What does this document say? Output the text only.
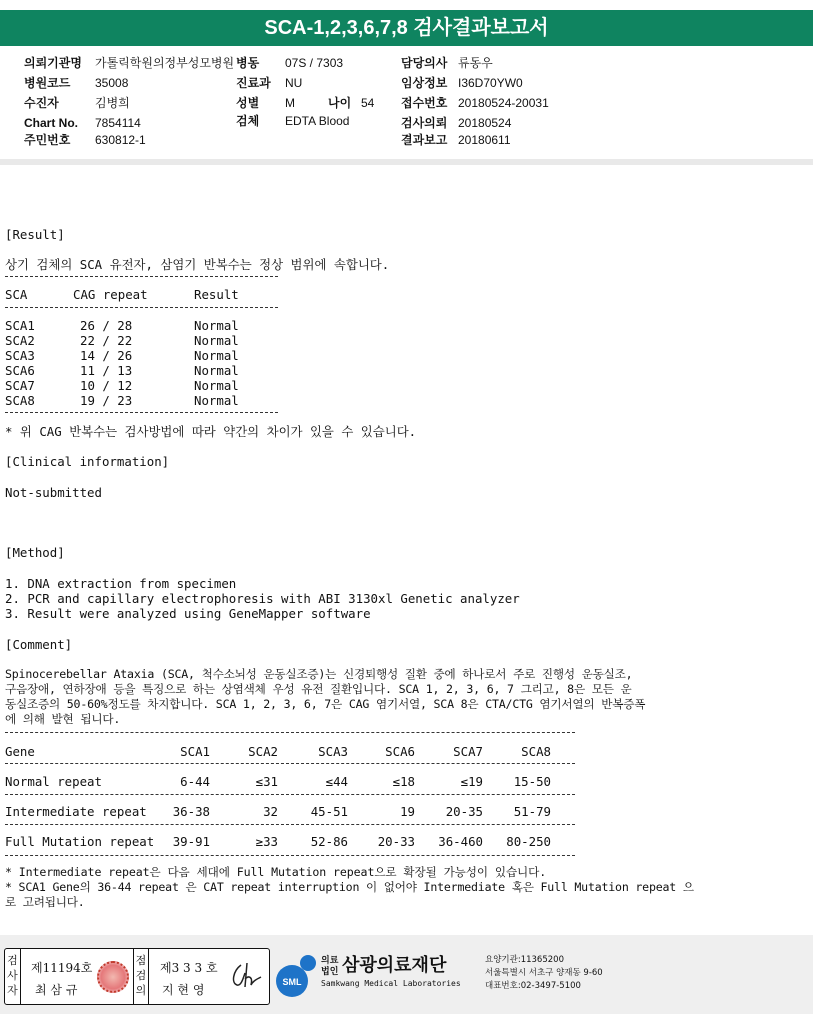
SCA-1,2,3,6,7,8 검사결과보고서
의뢰기관명 가톨릭학원의정부성모병원 병동 07S / 7303	담당의사 류동우
병원코드 35008	진료과 NU	임상정보 I36D70YW0
수진자	김병희	성별 M	나이 54 접수번호 20180524-20031
Chart No. 7854114	검체 EDTA Blood	검사의뢰 20180524
주민번호 630812-1	결과보고 20180611
[Result]
상기 검체의 SCA 유전자, 삼염기 반복수는 정상 범위에 속합니다.
SCA	CAG repeat	Result
SCA1	26 / 28	Normal
SCA2	22 / 22	Normal
SCA3	14 / 26	Normal
SCA6	11 / 13	Normal
SCA7	10 / 12	Normal
SCA8	19 / 23	Normal
* 위 CAG 반복수는 검사방법에 따라 약간의 차이가 있을 수 있습니다.
[Clinical information]
Not-submitted
[Method]
1. DNA extraction from specimen
2. PCR and capillary electrophoresis with ABI 3130xl Genetic analyzer
3. Result were analyzed using GeneMapper software
[Comment]
Spinocerebellar Ataxia (SCA, 척수소뇌성 운동실조증)는 신경퇴행성 질환 중에 하나로서 주로 진행성 운동실조,
구음장애, 연하장애 등을 특징으로 하는 상염색체 우성 유전 질환입니다. SCA 1, 2, 3, 6, 7 그리고, 8은 모든 운
동실조증의 50-60%정도를 차지합니다. SCA 1, 2, 3, 6, 7은 CAG 염기서열, SCA 8은 CTA/CTG 염기서열의 반복증폭
에 의해 발현 됩니다.
Gene	SCA1	SCA2	SCA3	SCA6	SCA7	SCA8
Normal repeat	6-44	≤31	≤44	≤18	≤19	15-50
Intermediate repeat	36-38	32	45-51	19	20-35	51-79
Full Mutation repeat	39-91	≥33	52-86	20-33	36-460	80-250
* Intermediate repeat은 다음 세대에 Full Mutation repeat으로 확장될 가능성이 있습니다.
* SCA1 Gene의 36-44 repeat 은 CAT repeat interruption 이 없어야 Intermediate 혹은 Full Mutation repeat 으
로 고려됩니다.
검사자
제11194호
최 삼 규
점검의
제3 3 3 호
지 현 영
SML
의료
법인 삼광의료재단
Samkwang Medical Laboratories
요양기관:11365200
서울특별시 서초구 양재동 9-60
대표번호:02-3497-5100
